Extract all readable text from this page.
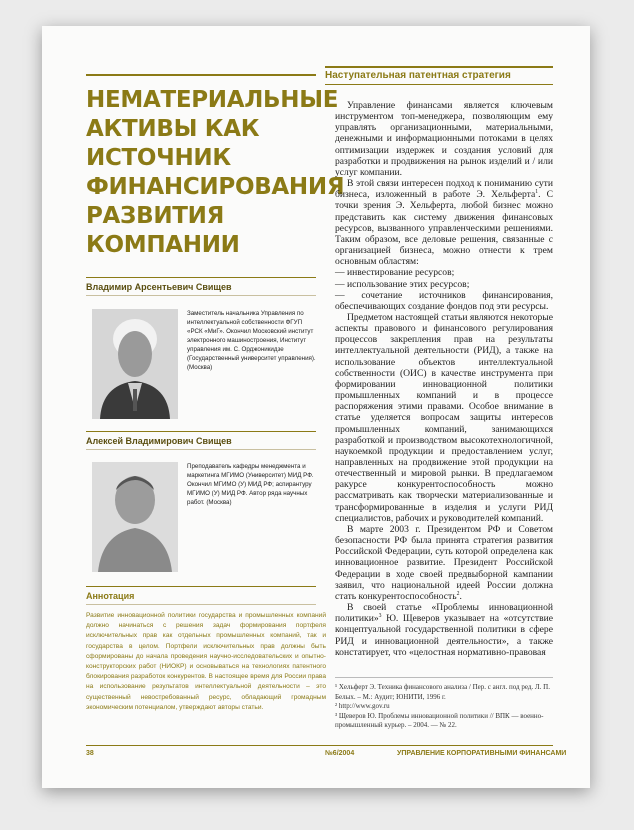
НЕМАТЕРИАЛЬНЫЕ АКТИВЫ КАК ИСТОЧНИК ФИНАНСИРОВАНИЯ РАЗВИТИЯ КОМПАНИИ

Владимир Арсентьевич Свищев

Заместитель начальника Управления по интеллектуальной собственности ФГУП «РСК «МиГ». Окончил Московский институт электронного машиностроения, Институт управления им. С. Орджоникидзе (Государственный университет управления). (Москва)

Алексей Владимирович Свищев

Преподаватель кафедры менеджмента и маркетинга МГИМО (Университет) МИД РФ. Окончил МГИМО (У) МИД РФ; аспирантуру МГИМО (У) МИД РФ. Автор ряда научных работ. (Москва)

Аннотация

Развитие инновационной политики государства и промышленных компаний должно начинаться с решения задач формирования портфеля исключительных прав как отдельных промышленных компаний, так и государства в целом. Портфели исключительных прав должны быть сформированы до начала проведения научно-исследовательских и опытно-конструкторских работ (НИОКР) и основываться на технологиях патентного блокирования разработок конкурентов. В настоящее время для России права на использование результатов интеллектуальной деятельности – это существенный невостребованный ресурс, обладающий громадным экономическим потенциалом, утверждают авторы статьи.

Наступательная патентная стратегия

Управление финансами является ключевым инструментом топ-менеджера, позволяющим ему управлять организационными, материальными, денежными и информационными потоками в целях оптимизации издержек и создания условий для разработки и продвижения на рынок изделий и / или услуг компании.

В этой связи интересен подход к пониманию сути бизнеса, изложенный в работе Э. Хельферта$^1$. С точки зрения Э. Хельферта, любой бизнес можно представить как систему движения финансовых ресурсов, вызванного управленческими решениями. Таким образом, все деловые решения, связанные с организацией бизнеса, можно отнести к трем основным областям:

— инвестирование ресурсов;

— использование этих ресурсов;

— сочетание источников финансирования, обеспечивающих создание фондов под эти ресурсы.

Предметом настоящей статьи являются некоторые аспекты правового и финансового регулирования процессов закрепления прав на результаты интеллектуальной деятельности (РИД), а также на использование объектов интеллектуальной собственности (ОИС) в качестве инструмента при формировании инновационной политики промышленных компаний и в процессе распоряжения этими правами. Особое внимание в статье уделяется вопросам защиты интересов промышленных компаний, занимающихся разработкой и производством высокотехнологичной, наукоемкой продукции и предоставлением услуг, направленных на продвижение этой продукции на отечественный и мировой рынки. В предлагаемом ракурсе конкурентоспособность можно рассматривать как творчески материализованные и трансформированные в изделия и услуги РИД специалистов, рабочих и руководителей компаний.

В марте 2003 г. Президентом РФ и Советом безопасности РФ была принята стратегия развития Российской Федерации, суть которой определена как инновационное развитие. Президент Российской Федерации в ходе своей предвыборной кампании заявил, что национальной идеей России должна стать конкурентоспособность$^2$.

В своей статье «Проблемы инновационной политики»$^3$ Ю. Щеверов указывает на «отсутствие концептуальной государственной политики в сфере РИД и инновационной деятельности», а также констатирует, что «целостная нормативно-правовая

¹ Хельферт Э. Техника финансового анализа / Пер. с англ. под ред. Л. П. Белых. – М.: Аудит; ЮНИТИ, 1996 г.
² http://www.gov.ru
³ Щеверов Ю. Проблемы инновационной политики // ВПК — военно-промышленный курьер. – 2004. — № 22.
38	№6/2004	УПРАВЛЕНИЕ КОРПОРАТИВНЫМИ ФИНАНСАМИ
